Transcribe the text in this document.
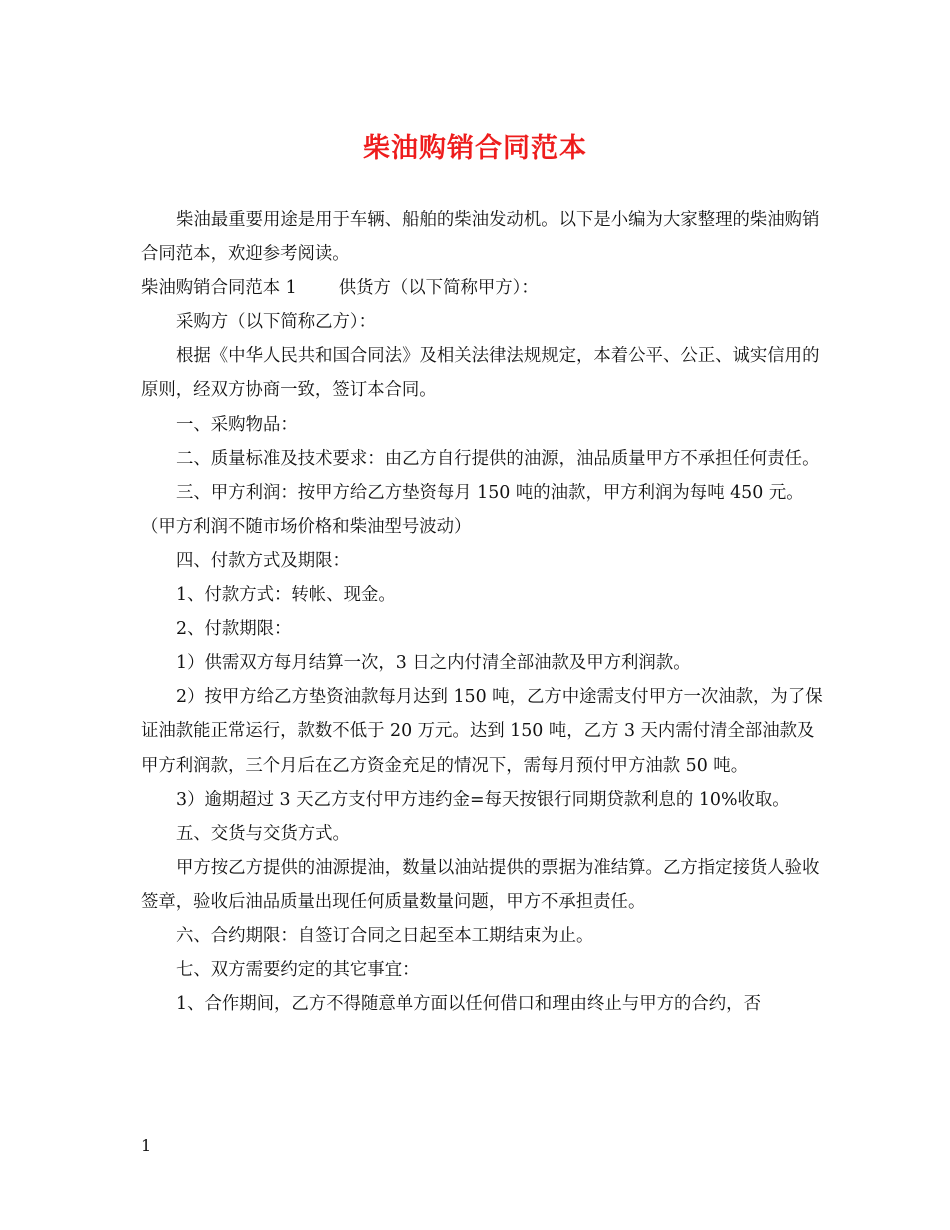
柴油购销合同范本

柴油最重要用途是用于车辆、船舶的柴油发动机。以下是小编为大家整理的柴油购销合同范本，欢迎参考阅读。

柴油购销合同范本 1 供货方（以下简称甲方）：

采购方（以下简称乙方）：

根据《中华人民共和国合同法》及相关法律法规规定，本着公平、公正、诚实信用的原则，经双方协商一致，签订本合同。

一、采购物品：

二、质量标准及技术要求：由乙方自行提供的油源，油品质量甲方不承担任何责任。

三、甲方利润：按甲方给乙方垫资每月 150 吨的油款，甲方利润为每吨 450 元。（甲方利润不随市场价格和柴油型号波动）

四、付款方式及期限：

1、付款方式：转帐、现金。

2、付款期限：

1）供需双方每月结算一次，3 日之内付清全部油款及甲方利润款。

2）按甲方给乙方垫资油款每月达到 150 吨，乙方中途需支付甲方一次油款，为了保证油款能正常运行，款数不低于 20 万元。达到 150 吨，乙方 3 天内需付清全部油款及甲方利润款，三个月后在乙方资金充足的情况下，需每月预付甲方油款 50 吨。

3）逾期超过 3 天乙方支付甲方违约金=每天按银行同期贷款利息的 10%收取。

五、交货与交货方式。

甲方按乙方提供的油源提油，数量以油站提供的票据为准结算。乙方指定接货人验收签章，验收后油品质量出现任何质量数量问题，甲方不承担责任。

六、合约期限：自签订合同之日起至本工期结束为止。

七、双方需要约定的其它事宜：

1、合作期间，乙方不得随意单方面以任何借口和理由终止与甲方的合约，否

1
